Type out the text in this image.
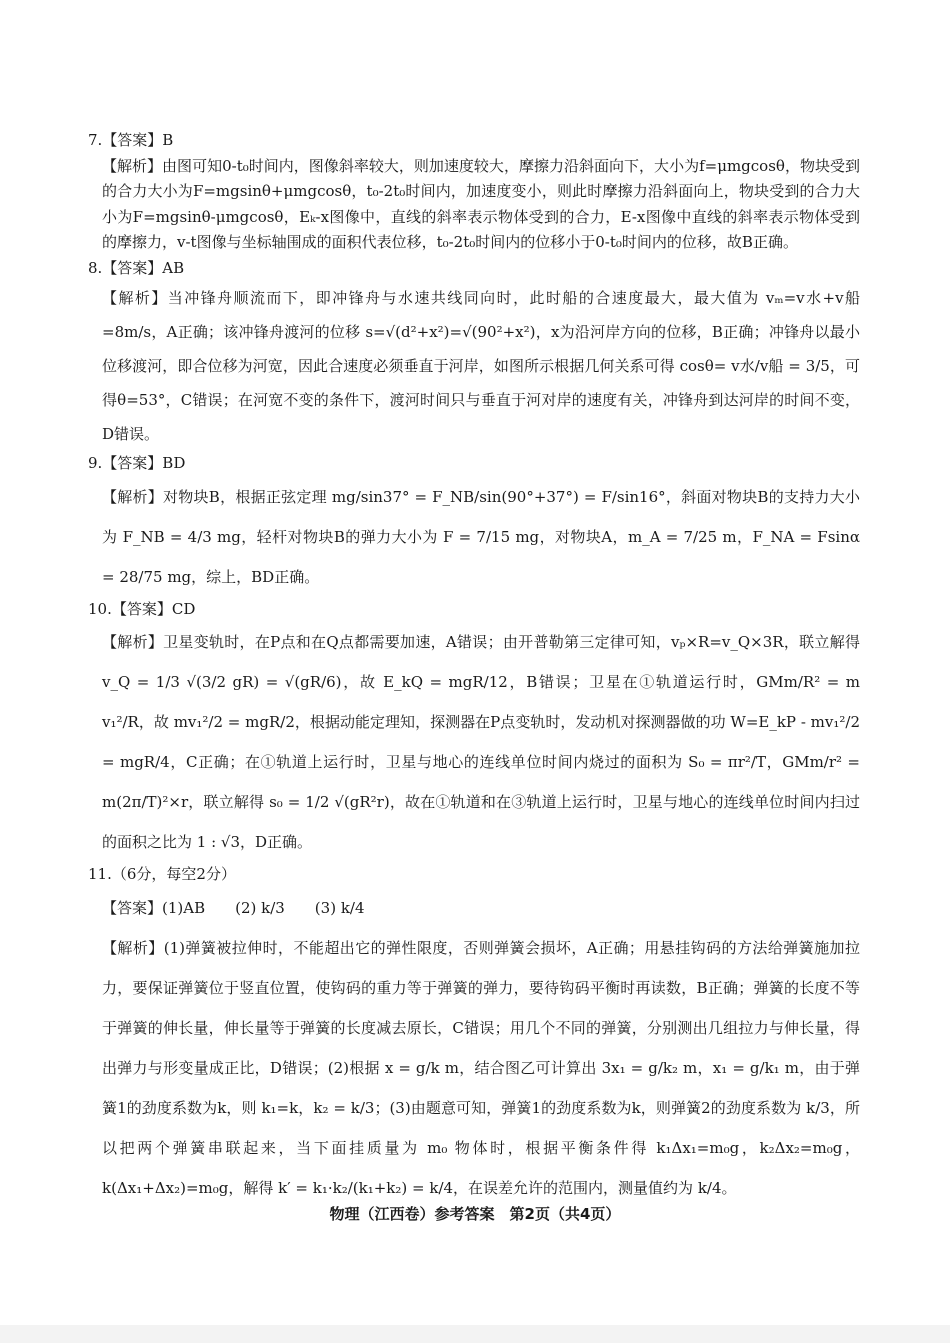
7.【答案】B

【解析】由图可知0-t₀时间内，图像斜率较大，则加速度较大，摩擦力沿斜面向下，大小为f=μmgcosθ，物块受到的合力大小为F=mgsinθ+μmgcosθ，t₀-2t₀时间内，加速度变小，则此时摩擦力沿斜面向上，物块受到的合力大小为F=mgsinθ-μmgcosθ，Eₖ-x图像中，直线的斜率表示物体受到的合力，E-x图像中直线的斜率表示物体受到的摩擦力，v-t图像与坐标轴围成的面积代表位移，t₀-2t₀时间内的位移小于0-t₀时间内的位移，故B正确。

8.【答案】AB

【解析】当冲锋舟顺流而下，即冲锋舟与水速共线同向时，此时船的合速度最大，最大值为 vₘ=v水+v船=8m/s，A正确；该冲锋舟渡河的位移 s=√(d²+x²)=√(90²+x²)，x为沿河岸方向的位移，B正确；冲锋舟以最小位移渡河，即合位移为河宽，因此合速度必须垂直于河岸，如图所示根据几何关系可得 cosθ= v水/v船 = 3/5，可得θ=53°，C错误；在河宽不变的条件下，渡河时间只与垂直于河对岸的速度有关，冲锋舟到达河岸的时间不变，D错误。

9.【答案】BD

【解析】对物块B，根据正弦定理 mg/sin37° = F_NB/sin(90°+37°) = F/sin16°，斜面对物块B的支持力大小为 F_NB = 4/3 mg，轻杆对物块B的弹力大小为 F = 7/15 mg，对物块A，m_A = 7/25 m，F_NA = Fsinα = 28/75 mg，综上，BD正确。

10.【答案】CD

【解析】卫星变轨时，在P点和在Q点都需要加速，A错误；由开普勒第三定律可知，vₚ×R=v_Q×3R，联立解得 v_Q = 1/3 √(3/2 gR) = √(gR/6)，故 E_kQ = mgR/12，B错误；卫星在①轨道运行时，GMm/R² = m v₁²/R，故 mv₁²/2 = mgR/2，根据动能定理知，探测器在P点变轨时，发动机对探测器做的功 W=E_kP - mv₁²/2 = mgR/4，C正确；在①轨道上运行时，卫星与地心的连线单位时间内烧过的面积为 S₀ = πr²/T，GMm/r² = m(2π/T)²×r，联立解得 s₀ = 1/2 √(gR²r)，故在①轨道和在③轨道上运行时，卫星与地心的连线单位时间内扫过的面积之比为 1 : √3，D正确。

11.（6分，每空2分）

【答案】(1)AB　　(2) k/3　　(3) k/4

【解析】(1)弹簧被拉伸时，不能超出它的弹性限度，否则弹簧会损坏，A正确；用悬挂钩码的方法给弹簧施加拉力，要保证弹簧位于竖直位置，使钩码的重力等于弹簧的弹力，要待钩码平衡时再读数，B正确；弹簧的长度不等于弹簧的伸长量，伸长量等于弹簧的长度减去原长，C错误；用几个不同的弹簧，分别测出几组拉力与伸长量，得出弹力与形变量成正比，D错误；(2)根据 x = g/k m，结合图乙可计算出 3x₁ = g/k₂ m，x₁ = g/k₁ m，由于弹簧1的劲度系数为k，则 k₁=k，k₂ = k/3；(3)由题意可知，弹簧1的劲度系数为k，则弹簧2的劲度系数为 k/3，所以把两个弹簧串联起来，当下面挂质量为 m₀ 物体时，根据平衡条件得 k₁Δx₁=m₀g，k₂Δx₂=m₀g，k(Δx₁+Δx₂)=m₀g，解得 k′ = k₁·k₂/(k₁+k₂) = k/4，在误差允许的范围内，测量值约为 k/4。

物理（江西卷）参考答案　第2页（共4页）
